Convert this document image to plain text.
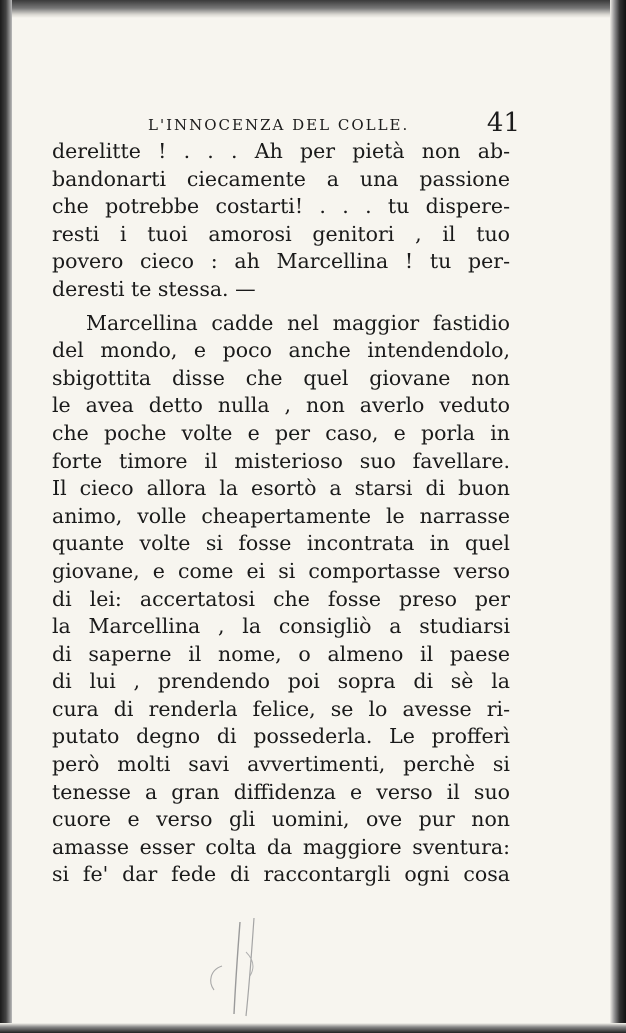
L'INNOCENZA DEL COLLE.	41
derelitte ! . . . Ah per pietà non ab-
bandonarti ciecamente a una passione
che potrebbe costarti! . . . tu dispere-
resti i tuoi amorosi genitori , il tuo
povero cieco : ah Marcellina ! tu per-
deresti te stessa. —
Marcellina cadde nel maggior fastidio
del mondo, e poco anche intendendolo,
sbigottita disse che quel giovane non
le avea detto nulla , non averlo veduto
che poche volte e per caso, e porla in
forte timore il misterioso suo favellare.
Il cieco allora la esortò a starsi di buon
animo, volle cheapertamente le narrasse
quante volte si fosse incontrata in quel
giovane, e come ei si comportasse verso
di lei: accertatosi che fosse preso per
la Marcellina , la consigliò a studiarsi
di saperne il nome, o almeno il paese
di lui , prendendo poi sopra di sè la
cura di renderla felice, se lo avesse ri-
putato degno di possederla. Le profferì
però molti savi avvertimenti, perchè si
tenesse a gran diffidenza e verso il suo
cuore e verso gli uomini, ove pur non
amasse esser colta da maggiore sventura:
si fe' dar fede di raccontargli ogni cosa
